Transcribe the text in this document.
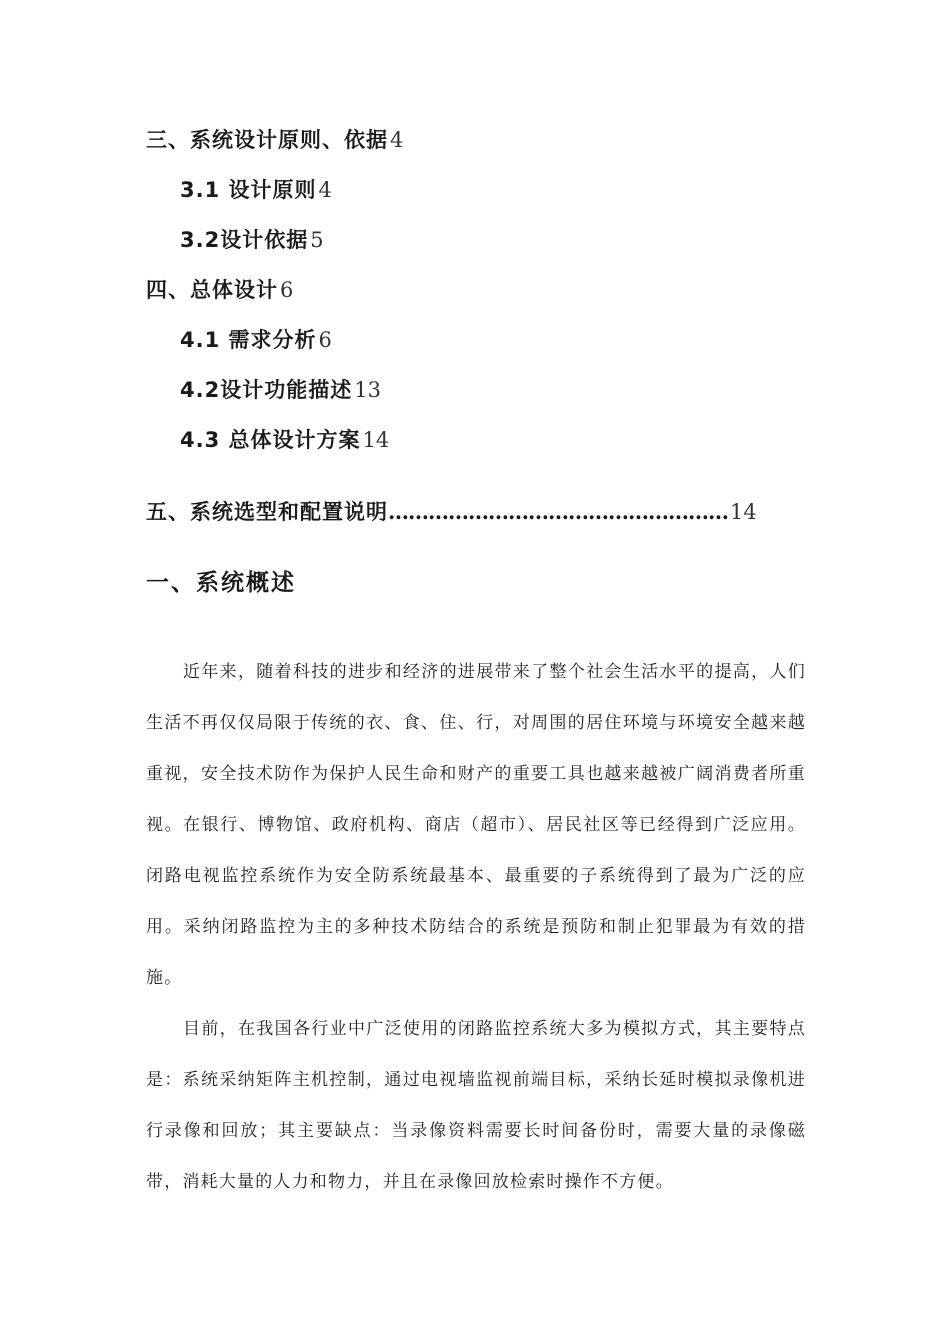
三、系统设计原则、依据4
3.1 设计原则4
3.2设计依据5
四、总体设计6
4.1 需求分析6
4.2设计功能描述13
4.3 总体设计方案14
五、系统选型和配置说明……………………………………………14
一、系统概述

近年来，随着科技的进步和经济的进展带来了整个社会生活水平的提高，人们生活不再仅仅局限于传统的衣、食、住、行，对周围的居住环境与环境安全越来越重视，安全技术防作为保护人民生命和财产的重要工具也越来越被广阔消费者所重视。在银行、博物馆、政府机构、商店（超市）、居民社区等已经得到广泛应用。闭路电视监控系统作为安全防系统最基本、最重要的子系统得到了最为广泛的应用。采纳闭路监控为主的多种技术防结合的系统是预防和制止犯罪最为有效的措施。

目前，在我国各行业中广泛使用的闭路监控系统大多为模拟方式，其主要特点是：系统采纳矩阵主机控制，通过电视墙监视前端目标，采纳长延时模拟录像机进行录像和回放；其主要缺点：当录像资料需要长时间备份时，需要大量的录像磁带，消耗大量的人力和物力，并且在录像回放检索时操作不方便。
